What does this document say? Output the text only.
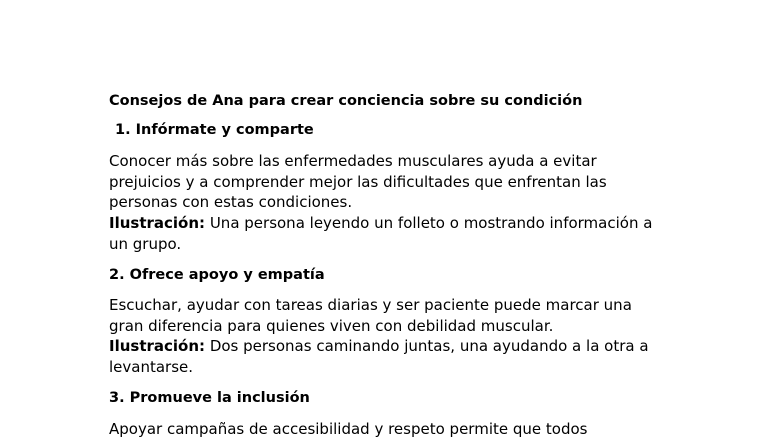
Consejos de Ana para crear conciencia sobre su condición
1. Infórmate y comparte
Conocer más sobre las enfermedades musculares ayuda a evitar
prejuicios y a comprender mejor las dificultades que enfrentan las
personas con estas condiciones.
Ilustración: Una persona leyendo un folleto o mostrando información a
un grupo.
2. Ofrece apoyo y empatía
Escuchar, ayudar con tareas diarias y ser paciente puede marcar una
gran diferencia para quienes viven con debilidad muscular.
Ilustración: Dos personas caminando juntas, una ayudando a la otra a
levantarse.
3. Promueve la inclusión
Apoyar campañas de accesibilidad y respeto permite que todos
